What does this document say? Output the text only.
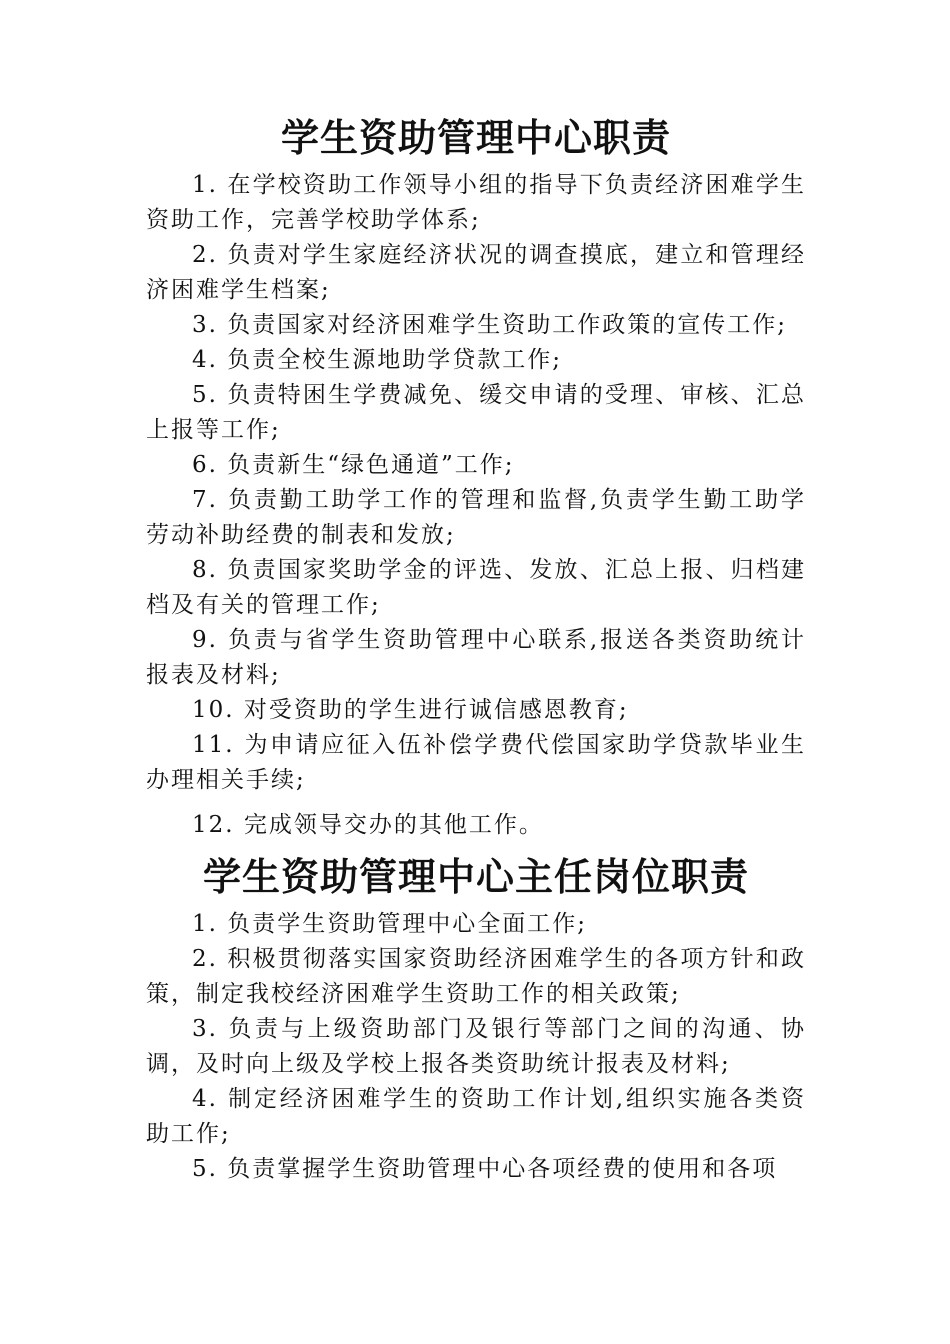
学生资助管理中心职责

1. 在学校资助工作领导小组的指导下负责经济困难学生资助工作，完善学校助学体系;

2. 负责对学生家庭经济状况的调查摸底，建立和管理经济困难学生档案;

3. 负责国家对经济困难学生资助工作政策的宣传工作;

4. 负责全校生源地助学贷款工作;

5. 负责特困生学费减免、缓交申请的受理、审核、汇总上报等工作;

6. 负责新生“绿色通道”工作;

7. 负责勤工助学工作的管理和监督,负责学生勤工助学劳动补助经费的制表和发放;

8. 负责国家奖助学金的评选、发放、汇总上报、归档建档及有关的管理工作;

9. 负责与省学生资助管理中心联系,报送各类资助统计报表及材料;

10. 对受资助的学生进行诚信感恩教育;

11. 为申请应征入伍补偿学费代偿国家助学贷款毕业生办理相关手续;

12. 完成领导交办的其他工作。

学生资助管理中心主任岗位职责

1. 负责学生资助管理中心全面工作;

2. 积极贯彻落实国家资助经济困难学生的各项方针和政策，制定我校经济困难学生资助工作的相关政策;

3. 负责与上级资助部门及银行等部门之间的沟通、协调，及时向上级及学校上报各类资助统计报表及材料;

4. 制定经济困难学生的资助工作计划,组织实施各类资助工作;

5. 负责掌握学生资助管理中心各项经费的使用和各项
